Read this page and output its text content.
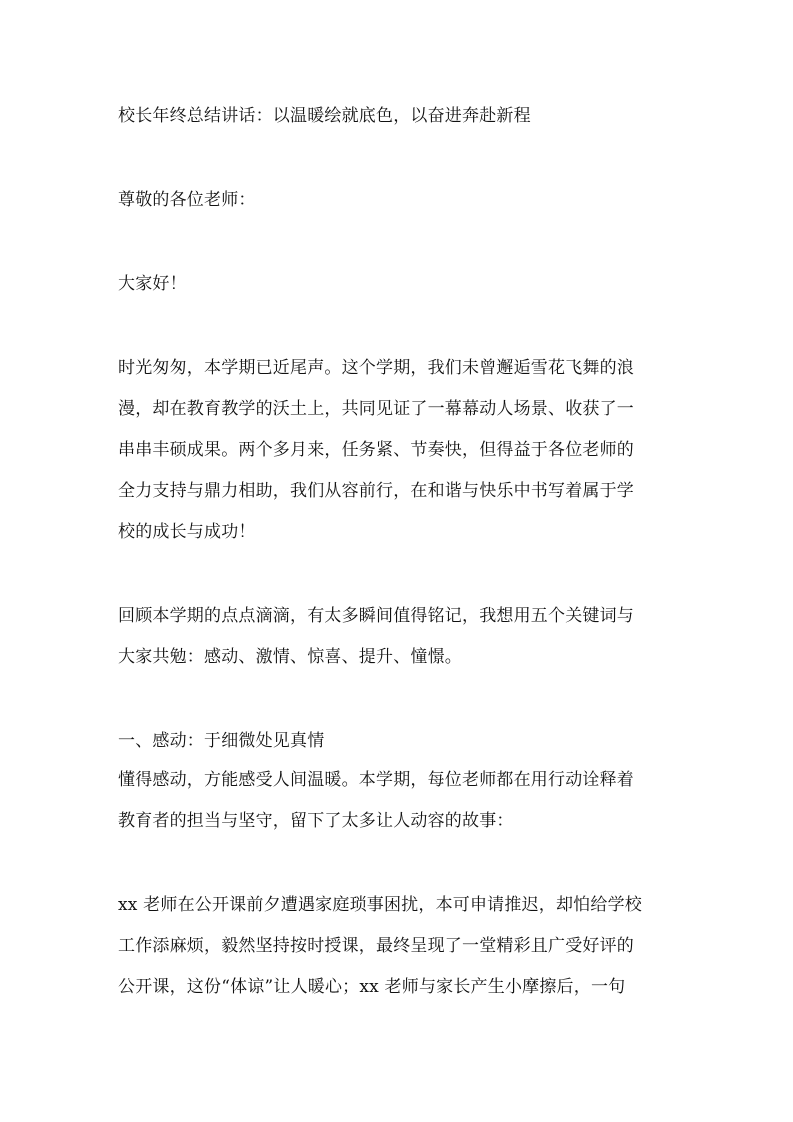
校长年终总结讲话：以温暖绘就底色，以奋进奔赴新程
尊敬的各位老师：
大家好！
时光匆匆，本学期已近尾声。这个学期，我们未曾邂逅雪花飞舞的浪
漫，却在教育教学的沃土上，共同见证了一幕幕动人场景、收获了一
串串丰硕成果。两个多月来，任务紧、节奏快，但得益于各位老师的
全力支持与鼎力相助，我们从容前行，在和谐与快乐中书写着属于学
校的成长与成功！
回顾本学期的点点滴滴，有太多瞬间值得铭记，我想用五个关键词与
大家共勉：感动、激情、惊喜、提升、憧憬。
一、感动：于细微处见真情
懂得感动，方能感受人间温暖。本学期，每位老师都在用行动诠释着
教育者的担当与坚守，留下了太多让人动容的故事：
xx 老师在公开课前夕遭遇家庭琐事困扰，本可申请推迟，却怕给学校
工作添麻烦，毅然坚持按时授课，最终呈现了一堂精彩且广受好评的
公开课，这份“体谅”让人暖心；xx 老师与家长产生小摩擦后，一句
